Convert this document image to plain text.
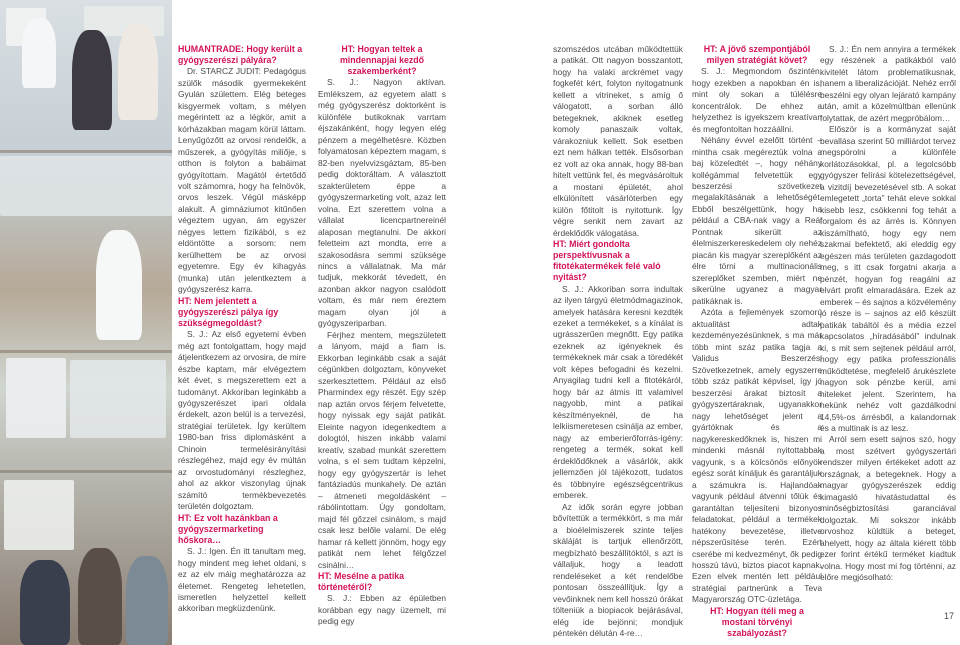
HUMANTRADE: Hogy került a gyógyszerészi pályára?

Dr. STARCZ JUDIT: Pedagógus szülők második gyermekeként Gyulán születtem. Elég beteges kisgyermek voltam, s mélyen megérintett az a légkör, amit a kórházakban magam körül láttam. Lenyűgözőtt az orvosi rendelők, a műszerek, a gyógyítás miliője, s otthon is folyton a babáimat gyógyítottam. Magától értetődő volt számomra, hogy ha felnövök, orvos leszek. Végül másképp alakult. A gimnáziumot kitűnően végeztem ugyan, ám egyszer négyes lettem fizikából, s ez eldöntötte a sorsom: nem kerülhettem be az orvosi egyetemre. Egy év kihagyás (munka) után jelentkeztem a gyógyszerész karra.

HT: Nem jelentett a gyógyszerészi pálya így szükségmegoldást?

S. J.: Az első egyetemi évben még azt fontolgattam, hogy majd átjelentkezem az orvosira, de mire észbe kaptam, már elvégeztem két évet, s megszerettem ezt a tudományt. Akkoriban leginkább a gyógyszerészet ipari oldala érdekelt, azon belül is a tervezési, stratégiai területek. Így kerültem 1980-ban friss diplomásként a Chinoin termelésirányítási részlegéhez, majd egy év múltán az orvostudományi részleghez, ahol az akkor viszonylag újnak számító termékbevezetés területén dolgoztam.

HT: Ez volt hazánkban a gyógyszermarketing hőskora…

S. J.: Igen. Én itt tanultam meg, hogy mindent meg lehet oldani, s ez az elv máig meghatározza az életemet. Rengeteg lehetetlen, ismeretlen helyzettel kellett akkoriban megküzdenünk.

HT: Hogyan teltek a mindennapjai kezdő szakemberként?

S. J.: Nagyon aktívan. Emlékszem, az egyetem alatt s még gyógyszerész doktorként is különféle butikoknak varrtam éjszakánként, hogy legyen elég pénzem a megélhetésre. Közben folyamatosan képeztem magam, s 82-ben nyelvvizsgáztam, 85-ben pedig doktoráltam. A választott szakterületem éppe a gyógyszermarketing volt, azaz lett volna. Ezt szerettem volna a vállalat licencpartnereinél alaposan megtanulni. De akkori feletteim azt mondta, erre a szakosodásra semmi szüksége nincs a vállalatnak. Ma már tudjuk, mekkorát tévedett, én azonban akkor nagyon csalódott voltam, és már nem éreztem magam olyan jól a gyógyszeriparban.

Férjhez mentem, megszületett a lányom, majd a fiam is. Ekkorban leginkább csak a saját cégünkben dolgoztam, könyveket szerkesztettem. Például az első Pharmindex egy részét. Egy szép nap aztán orvos férjem felvetette, hogy nyissak egy saját patikát. Eleinte nagyon idegenkedtem a dologtól, hiszen inkább valami kreatív, szabad munkát szerettem volna, s el sem tudtam képzelni, hogy egy gyógyszertár is lehet fantáziadús munkahely. De aztán – átmeneti megoldásként – rábólintottam. Úgy gondoltam, majd fél gőzzel csinálom, s majd csak lesz belőle valami. De elég hamar rá kellett jönnöm, hogy egy patikát nem lehet félgőzzel csinálni…

HT: Mesélne a patika történetéről?

S. J.: Ebben az épületben korábban egy nagy üzemelt, mi pedig egy

szomszédos utcában működtettük a patikát. Ott nagyon bosszantott, hogy ha valaki arckrémet vagy fogkefét kért, folyton nyitogatnunk kellett a vitrineket, s amíg ő válogatott, a sorban álló betegeknek, akiknek esetleg komoly panaszaik voltak, várakozniuk kellett. Sok esetben ezt nem hálkan tették. Elsősorban ez volt az oka annak, hogy 88-ban hitelt vettünk fel, és megvásároltuk a mostani épületét, ahol elkülönített vásárlóterben egy külön főtitolt is nyitottunk. Így végre senkit nem zavart az érdeklődők válogatása.

HT: Miért gondolta perspektívusnak a fitotékatermékek felé való nyitást?

S. J.: Akkoriban sorra indultak az ilyen tárgyú életmódmagazinok, amelyek hatására keresni kezdték ezeket a termékeket, s a kínálat is ugrásszerűen megnőtt. Egy patika ezeknek az igényeknek és termékeknek már csak a töredékét volt képes befogadni és kezelni. Anyagilag tudni kell a fitotékáról, hogy bár az átmis itt valamivel nagyobb, mint a patikai készítményeknél, de ha lelkiismeretesen csinálja az ember, nagy az emberierőforrás-igény: rengeteg a termék, sokat kell érdeklődőknek a vásárlók, akik jellemzően jól tájékozott, tudatos és többnyire egészségcentrikus emberek.

Az idők során egyre jobban bővítettük a termékkört, s ma már a bioélelmiszerek szinte teljes skáláját is tartjuk ellenőrzött, megbízható beszállítóktól, s azt is vállaljuk, hogy a leadott rendeléseket a két rendelőbe pontosan összeállítjuk. Így a vevőinknek nem kell hosszú órákat tölteniük a biopiacok bejárásával, elég ide bejönni; mondjuk péntekén délután 4-re…

HT: A jövő szempontjából milyen stratégiát követ?

S. J.: Megmondom őszintén, hogy ezekben a napokban én is, mint oly sokan a túlélésre koncentrálok. De ehhez a helyzethez is igyekszem kreatívan és megfontoltan hozzáállni.

Néhány évvel ezelőtt történt – mintha csak megéreztük volna a baj közeledtét –, hogy néhány kollégámmal felvetettük egy beszerzési szövetkezet megalakításának a lehetőségét. Ebből beszélgettünk, hogy ha például a CBA-nak vagy a Reál Pontnak sikerült az élelmiszerkereskedelem oly nehéz piacán kis magyar szereplőként az élre törni a multinacionális szereplőket szemben, miért ne sikerülne ugyanez a magyar patikáknak is.

Azóta a fejlemények szomorú aktualitást adtak kezdeményezésünknek, s ma már több mint száz patika tagja a Validus Beszerzési Szövetkezetnek, amely egyszerre több száz patikát képvisel, így jó beszerzési árakat biztosít a gyógyszertáraknak, ugyanakkor nagy lehetőséget jelent a gyártóknak és a nagykereskedőknek is, hiszen mi mindenki másnál nyitottabbak vagyunk, s a kölcsönös előnyök egész sorát kínáljuk és garantáljuk a számukra is. Hajlandóak vagyunk például átvenni tőlük és garantáltan teljesíteni bizonyos feladatokat, például a termékek hatékony bevezetése, illetve népszerűsítése terén. Ezért cserébe mi kedvezményt, ők pedig hosszú távú, biztos piacot kapnak. Ezen elvek mentén lett például stratégiai partnerünk a Teva Magyarország OTC-üzletága.

HT: Hogyan ítéli meg a mostani törvényi szabályozást?

S. J.: Én nem annyira a termékek egy részének a patikákból való kivitelét látom problematikusnak, hanem a liberalizációját. Nehéz erről beszélni egy olyan lejárató kampány után, amit a közelmúltban ellenünk folytattak, de azért megpróbálom…

Először is a kormányzat saját bevallása szerint 50 milliárdot tervez megspórolni a különféle korlátozásokkal, pl. a legolcsóbb gyógyszer felírási kötelezettségével, a vizitdíj bevezetésével stb. A sokat emlegetett „torta” tehát eleve sokkal kisebb lesz, csökkenni fog tehát a forgalom és az árrés is. Könnyen kiszámítható, hogy egy nem szakmai befektető, aki eleddig egy egészen más területen gazdagodott meg, s itt csak forgatni akarja a pénzét, hogyan fog reagálni az elvárt profit elmaradására. Ezek az emberek – és sajnos a közvélemény jó része is – sajnos az elő készült patikák tabáltól és a média ezzel kapcsolatos „híradásából” indulnak ki, s mit sem sejtenek például arról, hogy egy patika professzionális működtetése, megfelelő árukészlete nagyon sok pénzbe kerül, ami hiteleket jelent. Szerintem, ha nekünk nehéz volt gazdálkodni 14,5%-os árrésből, a kalandornak és a multinak is az lesz.

Arról sem esett sajnos szó, hogy a most szétvert gyógyszertári rendszer milyen értékeket adott az országnak, a betegeknek. Hogy a magyar gyógyszerészek eddig kimagasló hivatástudattal és minőségbiztosítási garanciával dolgoztak. Mi sokszor inkább orvoshoz küldtük a beteget, ahelyett, hogy az általa kiérett több ezer forint értékű terméket kiadtuk volna. Hogy most mi fog történni, az előre megjósolható:

17
